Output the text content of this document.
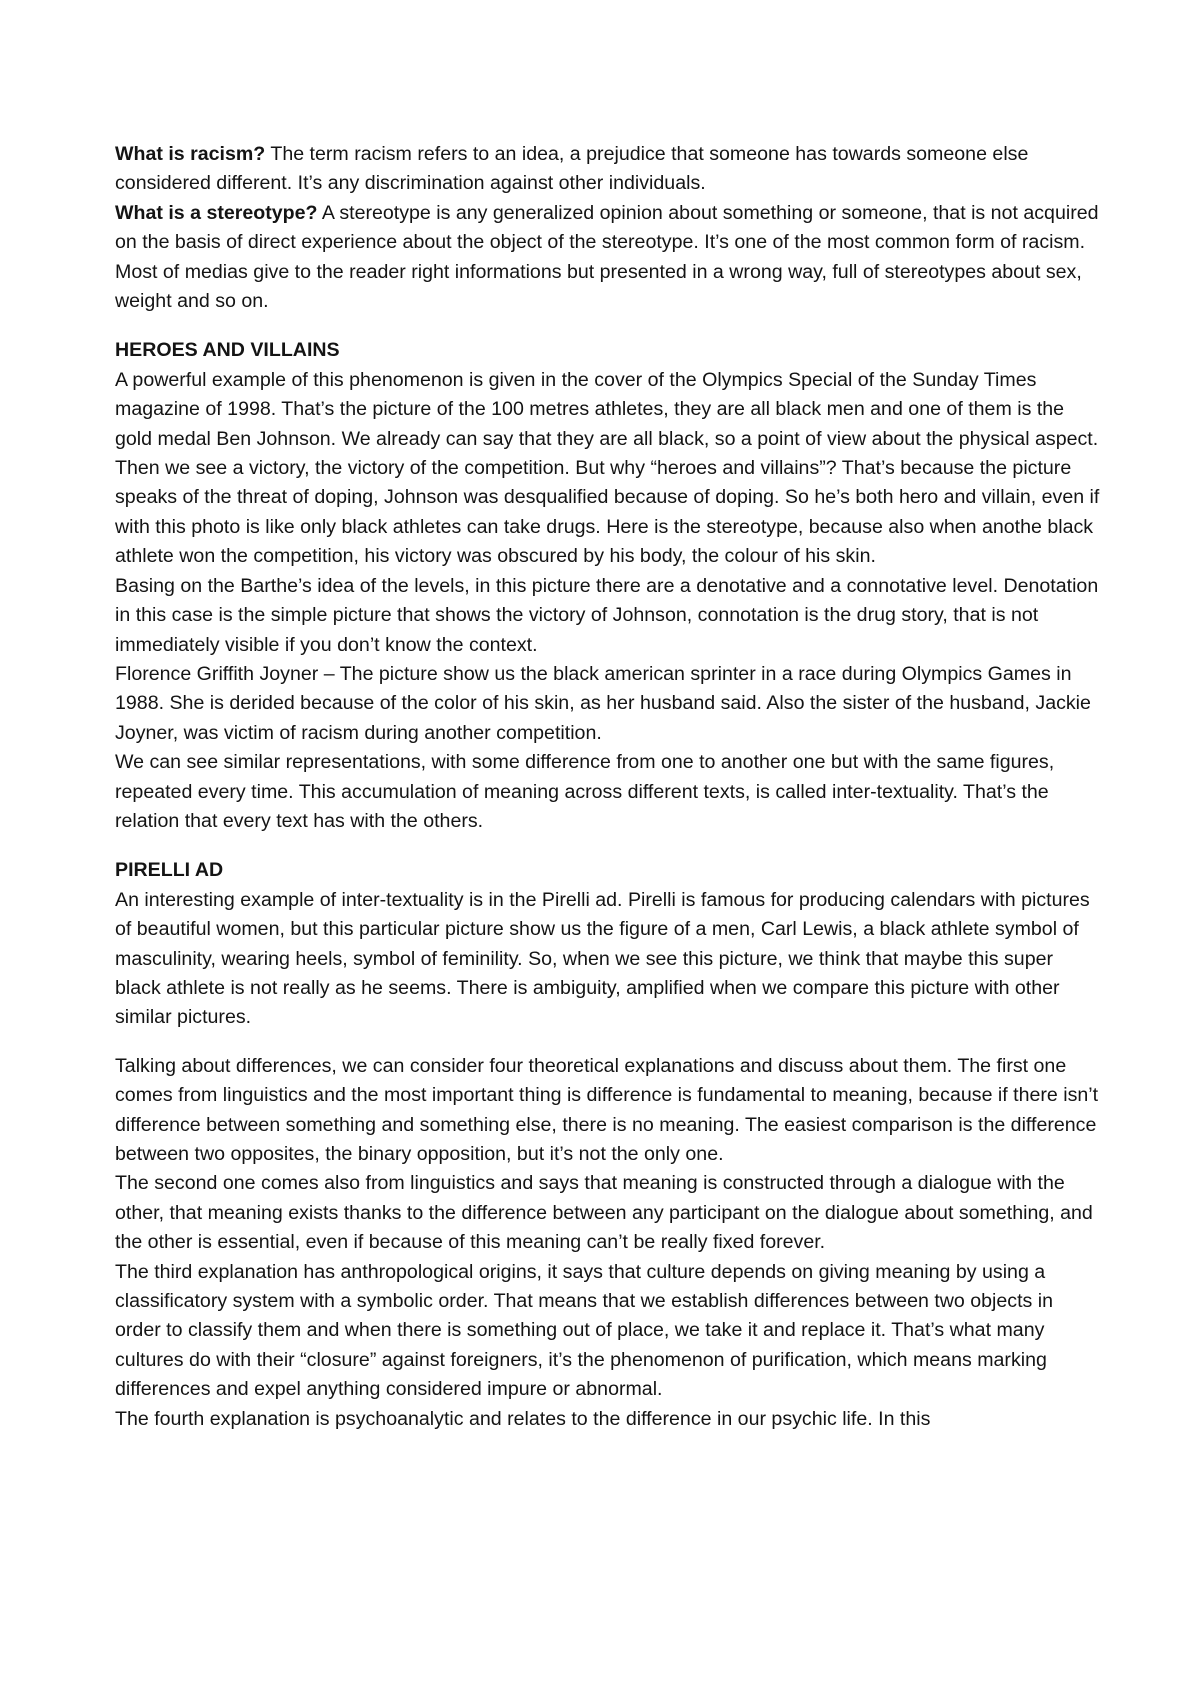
What is racism? The term racism refers to an idea, a prejudice that someone has towards someone else considered different. It’s any discrimination against other individuals.

What is a stereotype? A stereotype is any generalized opinion about something or someone, that is not acquired on the basis of direct experience about the object of the stereotype. It’s one of the most common form of racism.

Most of medias give to the reader right informations but presented in a wrong way, full of stereotypes about sex, weight and so on.

HEROES AND VILLAINS

A powerful example of this phenomenon is given in the cover of the Olympics Special of the Sunday Times magazine of 1998. That’s the picture of the 100 metres athletes, they are all black men and one of them is the gold medal Ben Johnson. We already can say that they are all black, so a point of view about the physical aspect. Then we see a victory, the victory of the competition. But why “heroes and villains”? That’s because the picture speaks of the threat of doping, Johnson was desqualified because of doping. So he’s both hero and villain, even if with this photo is like only black athletes can take drugs. Here is the stereotype, because also when anothe black athlete won the competition, his victory was obscured by his body, the colour of his skin.

Basing on the Barthe’s idea of the levels, in this picture there are a denotative and a connotative level. Denotation in this case is the simple picture that shows the victory of Johnson, connotation is the drug story, that is not immediately visible if you don’t know the context.

Florence Griffith Joyner – The picture show us the black american sprinter in a race during Olympics Games in 1988. She is derided because of the color of his skin, as her husband said. Also the sister of the husband, Jackie Joyner, was victim of racism during another competition.

We can see similar representations, with some difference from one to another one but with the same figures, repeated every time. This accumulation of meaning across different texts, is called inter-textuality. That’s the relation that every text has with the others.

PIRELLI AD

An interesting example of inter-textuality is in the Pirelli ad. Pirelli is famous for producing calendars with pictures of beautiful women, but this particular picture show us the figure of a men, Carl Lewis, a black athlete symbol of masculinity, wearing heels, symbol of feminility. So, when we see this picture, we think that maybe this super black athlete is not really as he seems. There is ambiguity, amplified when we compare this picture with other similar pictures.

Talking about differences, we can consider four theoretical explanations and discuss about them. The first one comes from linguistics and the most important thing is difference is fundamental to meaning, because if there isn’t difference between something and something else, there is no meaning. The easiest comparison is the difference between two opposites, the binary opposition, but it’s not the only one.

The second one comes also from linguistics and says that meaning is constructed through a dialogue with the other, that meaning exists thanks to the difference between any participant on the dialogue about something, and the other is essential, even if because of this meaning can’t be really fixed forever.

The third explanation has anthropological origins, it says that culture depends on giving meaning by using a classificatory system with a symbolic order. That means that we establish differences between two objects in order to classify them and when there is something out of place, we take it and replace it. That’s what many cultures do with their “closure” against foreigners, it’s the phenomenon of purification, which means marking differences and expel anything considered impure or abnormal.

The fourth explanation is psychoanalytic and relates to the difference in our psychic life. In this
